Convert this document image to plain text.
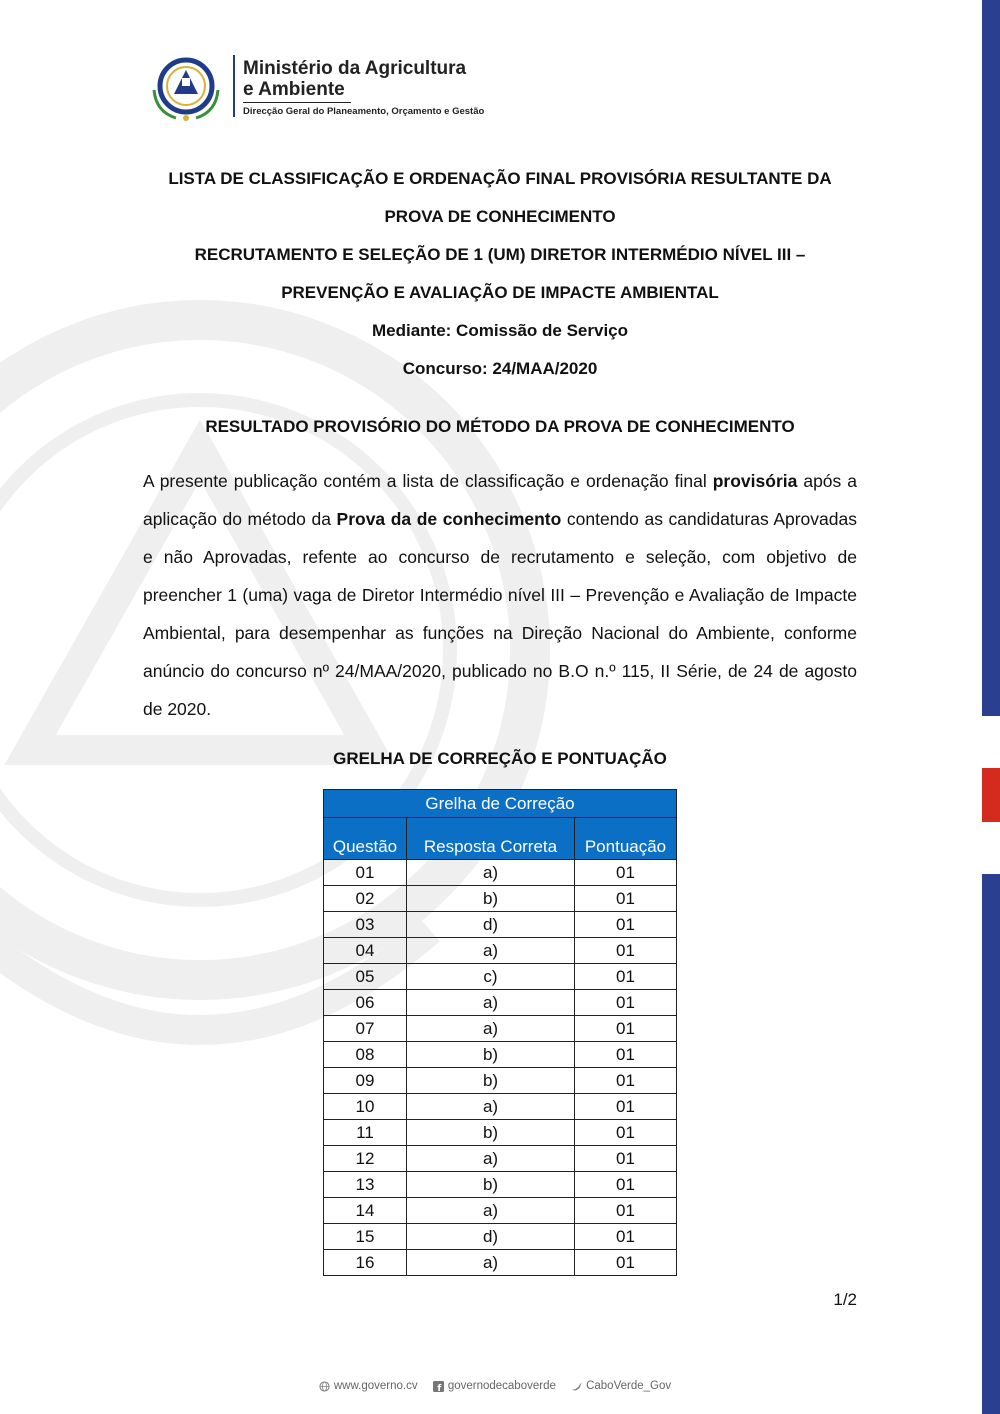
Ministério da Agricultura
e Ambiente
Direcção Geral do Planeamento, Orçamento e Gestão

LISTA DE CLASSIFICAÇÃO E ORDENAÇÃO FINAL PROVISÓRIA RESULTANTE DA

PROVA DE CONHECIMENTO

RECRUTAMENTO E SELEÇÃO DE 1 (UM) DIRETOR INTERMÉDIO NÍVEL III –

PREVENÇÃO E AVALIAÇÃO DE IMPACTE AMBIENTAL

Mediante: Comissão de Serviço

Concurso: 24/MAA/2020

RESULTADO PROVISÓRIO DO MÉTODO DA PROVA DE CONHECIMENTO

A presente publicação contém a lista de classificação e ordenação final provisória após a aplicação do método da Prova da de conhecimento contendo as candidaturas Aprovadas e não Aprovadas, refente ao concurso de recrutamento e seleção, com objetivo de preencher 1 (uma) vaga de Diretor Intermédio nível III – Prevenção e Avaliação de Impacte Ambiental, para desempenhar as funções na Direção Nacional do Ambiente, conforme anúncio do concurso nº 24/MAA/2020, publicado no B.O n.º 115, II Série, de 24 de agosto de 2020.

GRELHA DE CORREÇÃO E PONTUAÇÃO
Grelha de Correção		
Questão	Resposta Correta	Pontuação
01	a)	01
02	b)	01
03	d)	01
04	a)	01
05	c)	01
06	a)	01
07	a)	01
08	b)	01
09	b)	01
10	a)	01
11	b)	01
12	a)	01
13	b)	01
14	a)	01
15	d)	01
16	a)	01
1/2
www.governo.cv
f governodecaboverde
	CaboVerde_Gov
